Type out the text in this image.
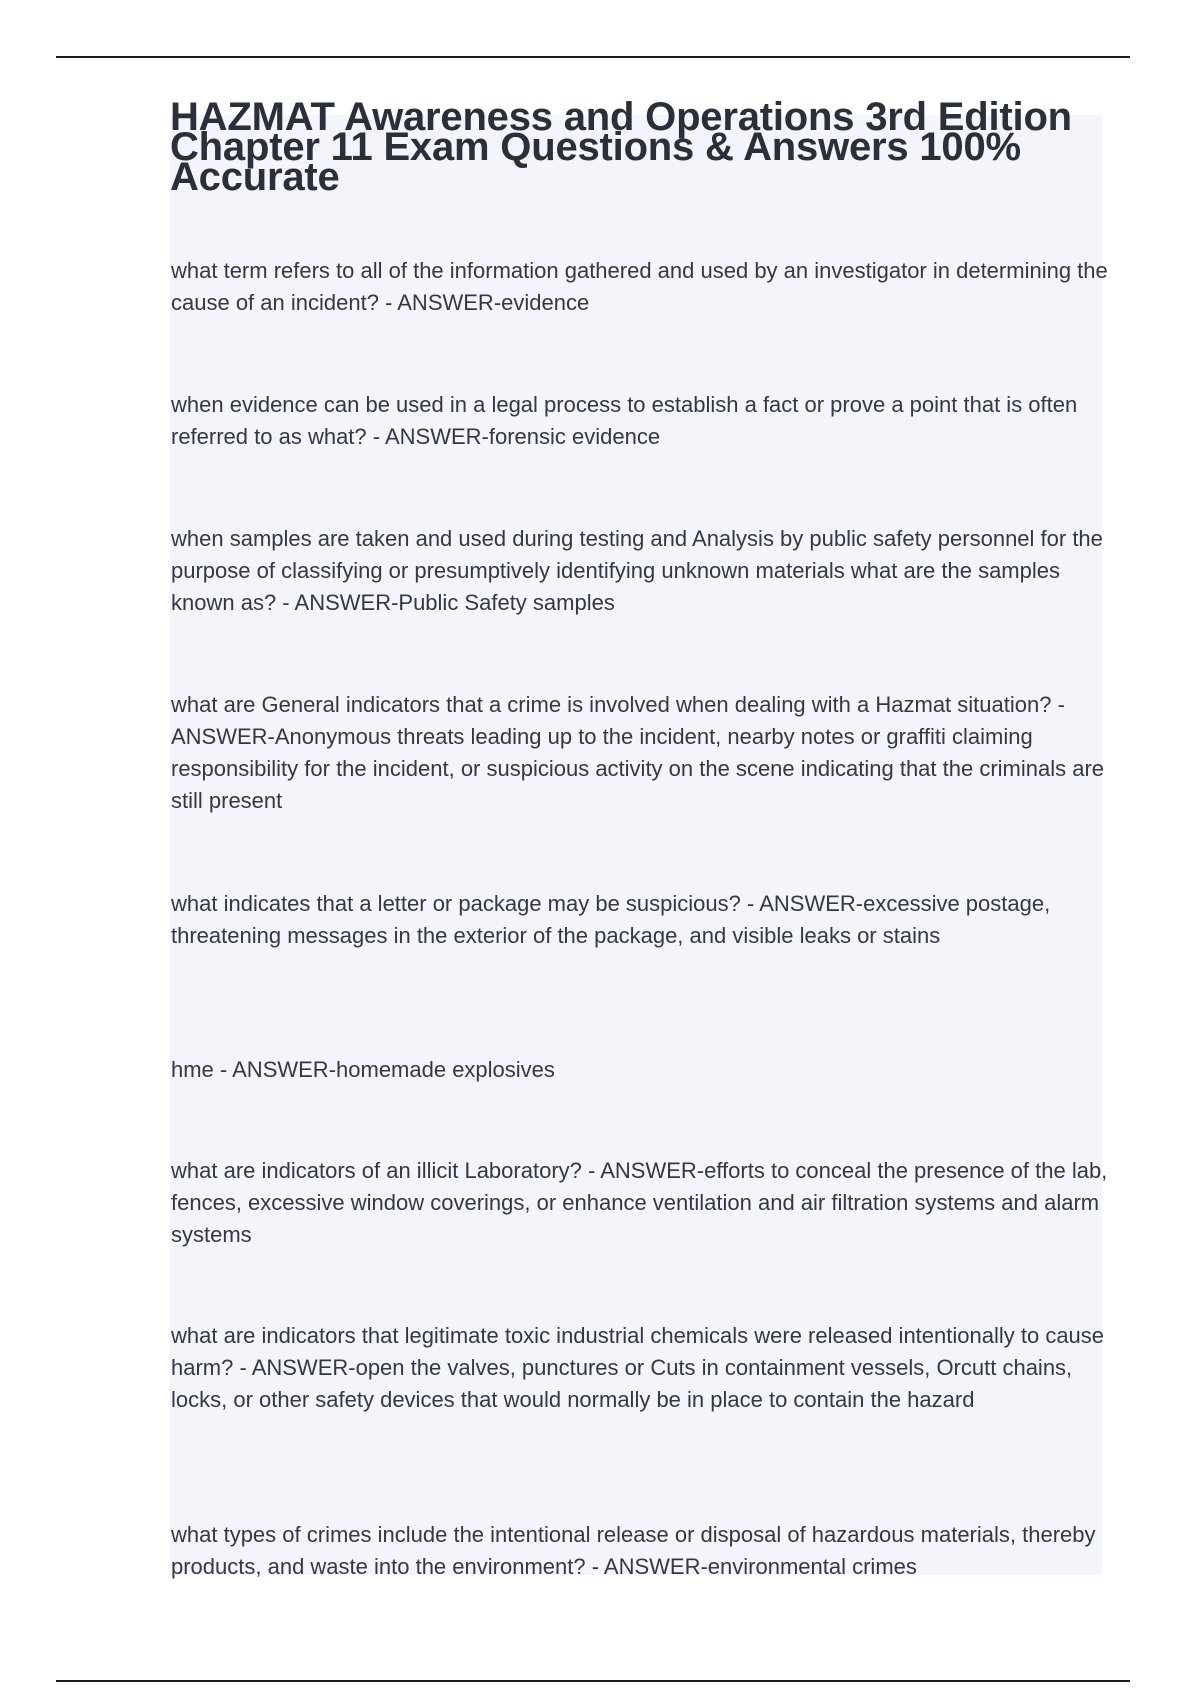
HAZMAT Awareness and Operations 3rd Edition Chapter 11 Exam Questions & Answers 100% Accurate

what term refers to all of the information gathered and used by an investigator in determining the cause of an incident? - ANSWER-evidence

when evidence can be used in a legal process to establish a fact or prove a point that is often referred to as what? - ANSWER-forensic evidence

when samples are taken and used during testing and Analysis by public safety personnel for the purpose of classifying or presumptively identifying unknown materials what are the samples known as? - ANSWER-Public Safety samples

what are General indicators that a crime is involved when dealing with a Hazmat situation? - ANSWER-Anonymous threats leading up to the incident, nearby notes or graffiti claiming responsibility for the incident, or suspicious activity on the scene indicating that the criminals are still present

what indicates that a letter or package may be suspicious? - ANSWER-excessive postage, threatening messages in the exterior of the package, and visible leaks or stains

hme - ANSWER-homemade explosives

what are indicators of an illicit Laboratory? - ANSWER-efforts to conceal the presence of the lab, fences, excessive window coverings, or enhance ventilation and air filtration systems and alarm systems

what are indicators that legitimate toxic industrial chemicals were released intentionally to cause harm? - ANSWER-open the valves, punctures or Cuts in containment vessels, Orcutt chains, locks, or other safety devices that would normally be in place to contain the hazard

what types of crimes include the intentional release or disposal of hazardous materials, thereby products, and waste into the environment? - ANSWER-environmental crimes
